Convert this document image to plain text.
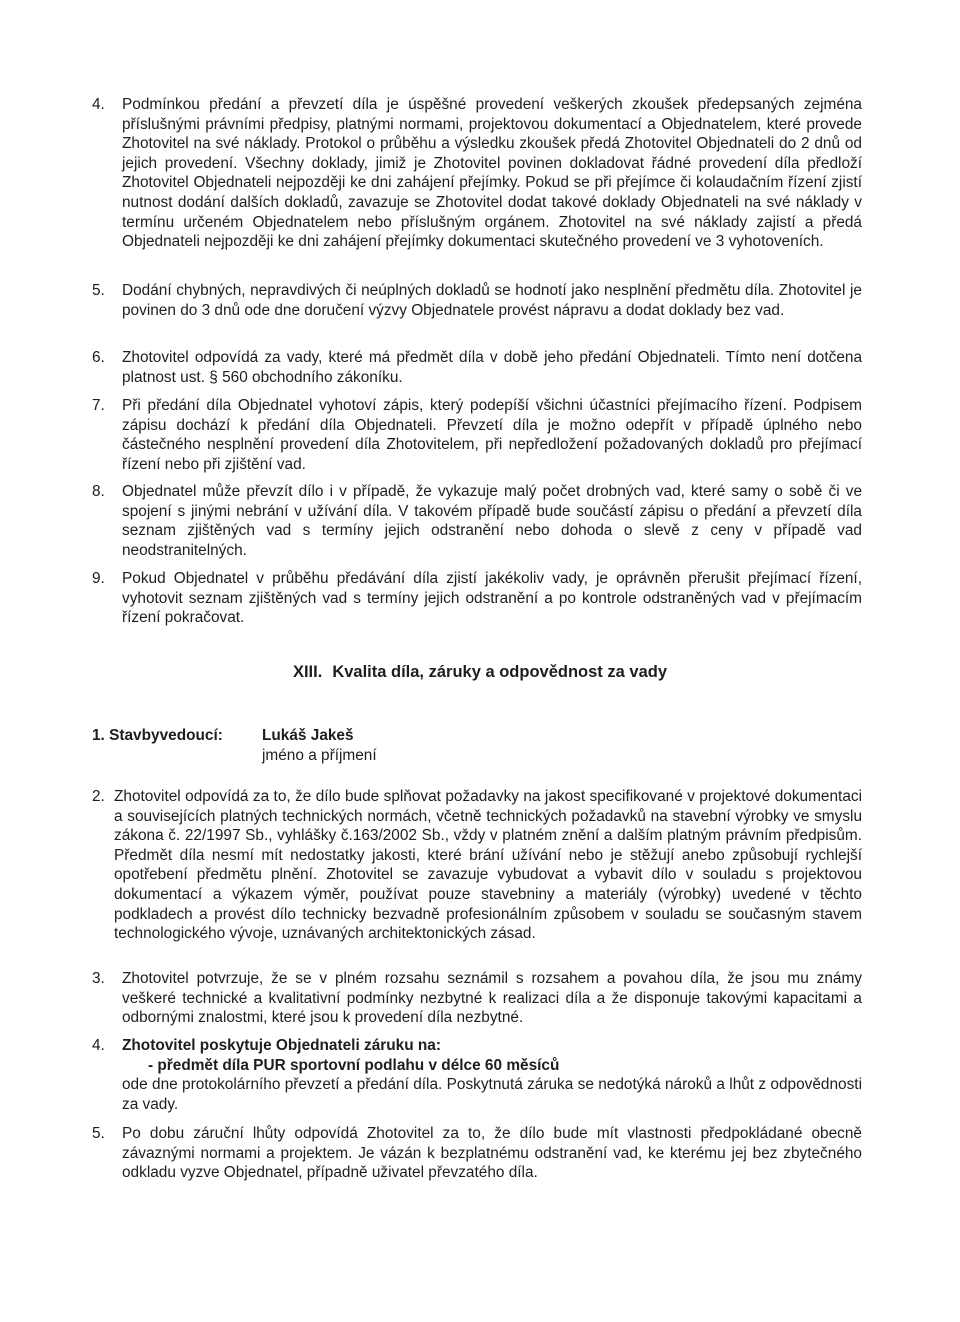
4. Podmínkou předání a převzetí díla je úspěšné provedení veškerých zkoušek předepsaných zejména příslušnými právními předpisy, platnými normami, projektovou dokumentací a Objednatelem, které provede Zhotovitel na své náklady. Protokol o průběhu a výsledku zkoušek předá Zhotovitel Objednateli do 2 dnů od jejich provedení. Všechny doklady, jimiž je Zhotovitel povinen dokladovat řádné provedení díla předloží Zhotovitel Objednateli nejpozději ke dni zahájení přejímky. Pokud se při přejímce či kolaudačním řízení zjistí nutnost dodání dalších dokladů, zavazuje se Zhotovitel dodat takové doklady Objednateli na své náklady v termínu určeném Objednatelem nebo příslušným orgánem. Zhotovitel na své náklady zajistí a předá Objednateli nejpozději ke dni zahájení přejímky dokumentaci skutečného provedení ve 3 vyhotoveních.

5. Dodání chybných, nepravdivých či neúplných dokladů se hodnotí jako nesplnění předmětu díla. Zhotovitel je povinen do 3 dnů ode dne doručení výzvy Objednatele provést nápravu a dodat doklady bez vad.

6. Zhotovitel odpovídá za vady, které má předmět díla v době jeho předání Objednateli. Tímto není dotčena platnost ust. § 560 obchodního zákoníku.

7. Při předání díla Objednatel vyhotoví zápis, který podepíší všichni účastníci přejímacího řízení. Podpisem zápisu dochází k předání díla Objednateli. Převzetí díla je možno odepřít v případě úplného nebo částečného nesplnění provedení díla Zhotovitelem, při nepředložení požadovaných dokladů pro přejímací řízení nebo při zjištění vad.

8. Objednatel může převzít dílo i v případě, že vykazuje malý počet drobných vad, které samy o sobě či ve spojení s jinými nebrání v užívání díla. V takovém případě bude součástí zápisu o předání a převzetí díla seznam zjištěných vad s termíny jejich odstranění nebo dohoda o slevě z ceny v případě vad neodstranitelných.

9. Pokud Objednatel v průběhu předávání díla zjistí jakékoliv vady, je oprávněn přerušit přejímací řízení, vyhotovit seznam zjištěných vad s termíny jejich odstranění a po kontrole odstraněných vad v přejímacím řízení pokračovat.

XIII. Kvalita díla, záruky a odpovědnost za vady
1. Stavbyvedoucí:	Lukáš Jakeš
jméno a příjmení
2. Zhotovitel odpovídá za to, že dílo bude splňovat požadavky na jakost specifikované v projektové dokumentaci a souvisejících platných technických normách, včetně technických požadavků na stavební výrobky ve smyslu zákona č. 22/1997 Sb., vyhlášky č.163/2002 Sb., vždy v platném znění a dalším platným právním předpisům. Předmět díla nesmí mít nedostatky jakosti, které brání užívání nebo je stěžují anebo způsobují rychlejší opotřebení předmětu plnění. Zhotovitel se zavazuje vybudovat a vybavit dílo v souladu s projektovou dokumentací a výkazem výměr, používat pouze stavebniny a materiály (výrobky) uvedené v těchto podkladech a provést dílo technicky bezvadně profesionálním způsobem v souladu se současným stavem technologického vývoje, uznávaných architektonických zásad.

3. Zhotovitel potvrzuje, že se v plném rozsahu seznámil s rozsahem a povahou díla, že jsou mu známy veškeré technické a kvalitativní podmínky nezbytné k realizaci díla a že disponuje takovými kapacitami a odbornými znalostmi, které jsou k provedení díla nezbytné.

4. Zhotovitel poskytuje Objednateli záruku na:

- předmět díla PUR sportovní podlahu v délce 60 měsíců

ode dne protokolárního převzetí a předání díla. Poskytnutá záruka se nedotýká nároků a lhůt z odpovědnosti za vady.

5. Po dobu záruční lhůty odpovídá Zhotovitel za to, že dílo bude mít vlastnosti předpokládané obecně závaznými normami a projektem. Je vázán k bezplatnému odstranění vad, ke kterému jej bez zbytečného odkladu vyzve Objednatel, případně uživatel převzatého díla.
